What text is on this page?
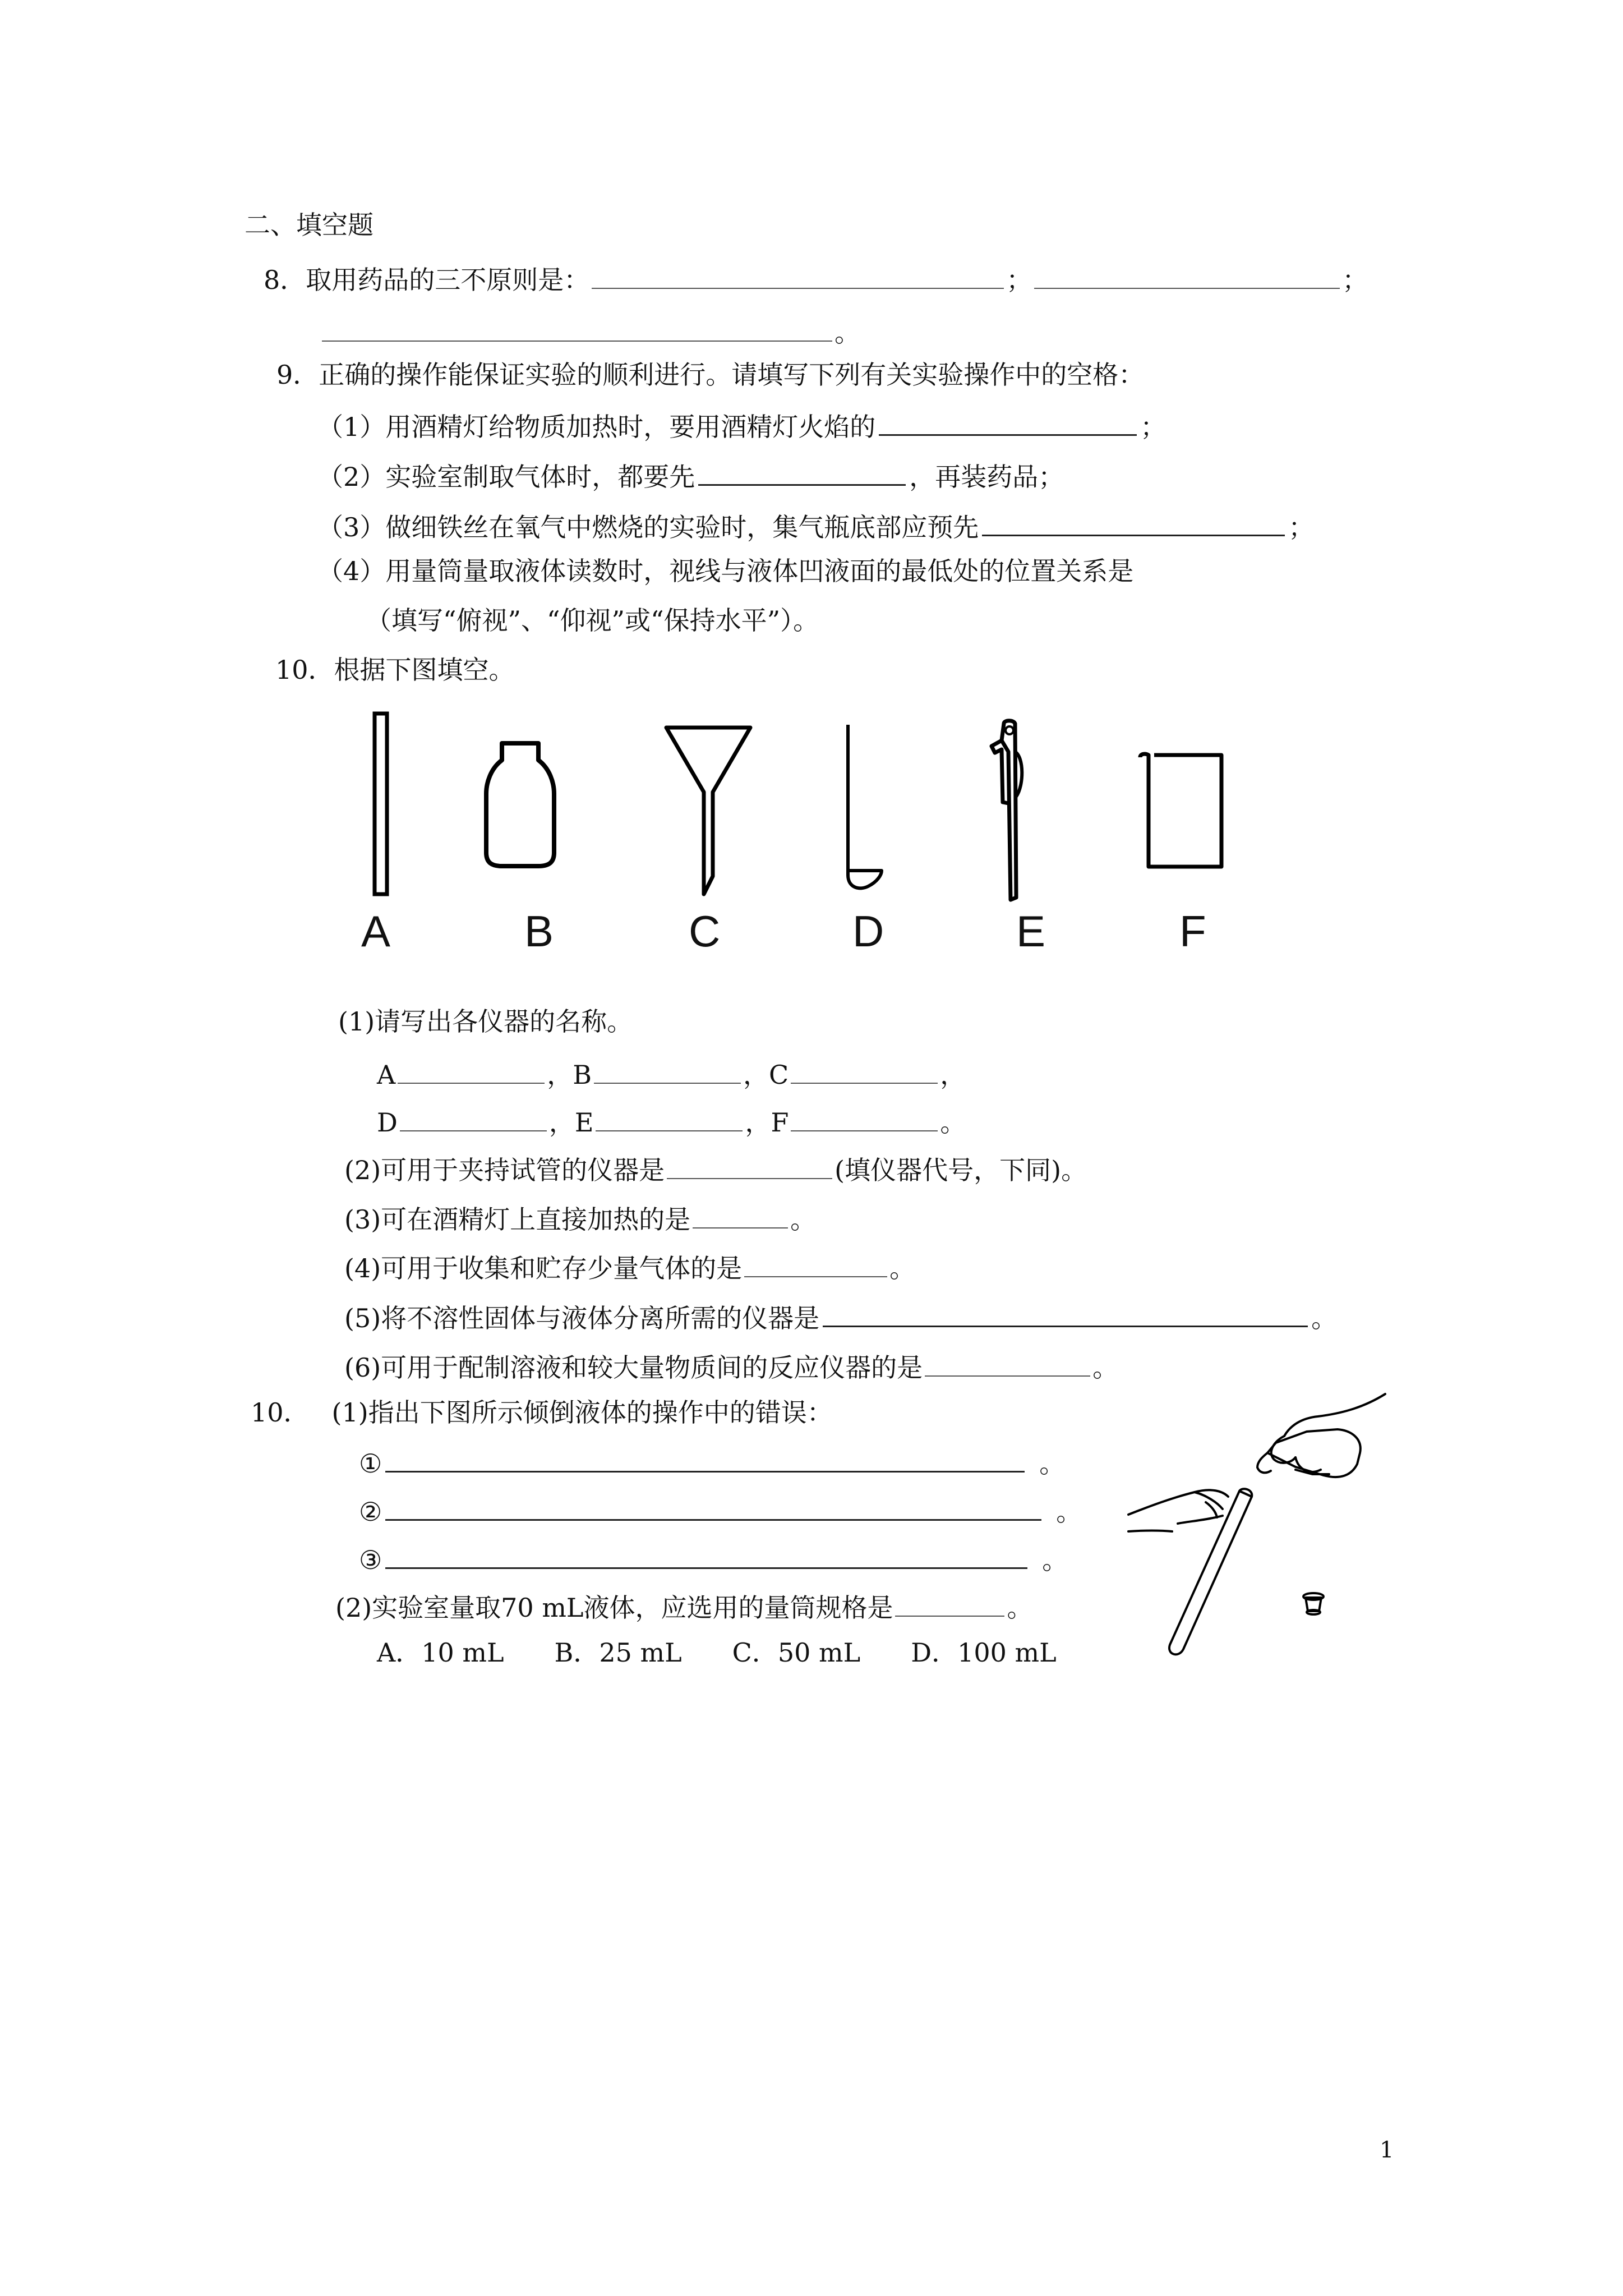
二、填空题
8．取用药品的三不原则是：	；	；
。
9．正确的操作能保证实验的顺利进行。请填写下列有关实验操作中的空格：
（1）用酒精灯给物质加热时，要用酒精灯火焰的	；
（2）实验室制取气体时，都要先	，再装药品；
（3）做细铁丝在氧气中燃烧的实验时，集气瓶底部应预先	；
（4）用量筒量取液体读数时，视线与液体凹液面的最低处的位置关系是
（填写“俯视”、“仰视”或“保持水平”）。
10．根据下图填空。
A	B	C	D	E	F
(1)请写出各仪器的名称。
A	，B	，C	，
D	，E	，F	。
(2)可用于夹持试管的仪器是	(填仪器代号，下同)。
(3)可在酒精灯上直接加热的是	。
(4)可用于收集和贮存少量气体的是	。
(5)将不溶性固体与液体分离所需的仪器是	。
(6)可用于配制溶液和较大量物质间的反应仪器的是	。
10． (1)指出下图所示倾倒液体的操作中的错误：
①	。
②	。
③	。
(2)实验室量取70 mL液体，应选用的量筒规格是	。
A．10 mL B．25 mL C．50 mL D．100 mL
1
